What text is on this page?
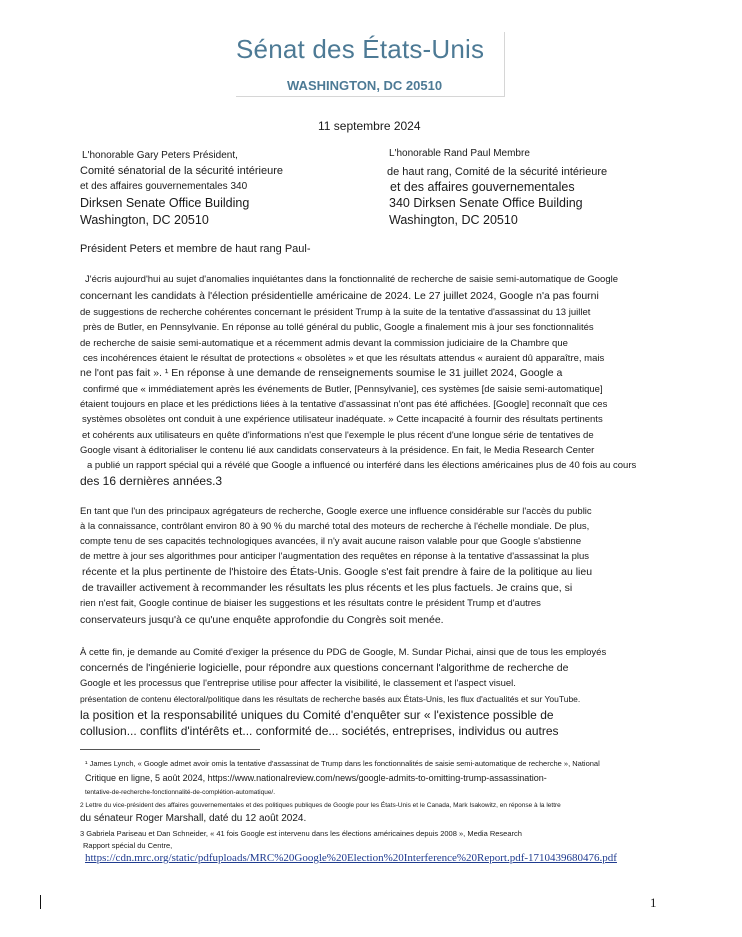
Sénat des États-Unis
WASHINGTON, DC 20510
11 septembre 2024
L'honorable Gary Peters Président,
Comité sénatorial de la sécurité intérieure
et des affaires gouvernementales 340
Dirksen Senate Office Building
Washington, DC 20510
L'honorable Rand Paul Membre
de haut rang, Comité de la sécurité intérieure
et des affaires gouvernementales
340 Dirksen Senate Office Building
Washington, DC 20510
Président Peters et membre de haut rang Paul-
J'écris aujourd'hui au sujet d'anomalies inquiétantes dans la fonctionnalité de recherche de saisie semi-automatique de Google
concernant les candidats à l'élection présidentielle américaine de 2024. Le 27 juillet 2024, Google n'a pas fourni
de suggestions de recherche cohérentes concernant le président Trump à la suite de la tentative d'assassinat du 13 juillet
près de Butler, en Pennsylvanie. En réponse au tollé général du public, Google a finalement mis à jour ses fonctionnalités
de recherche de saisie semi-automatique et a récemment admis devant la commission judiciaire de la Chambre que
ces incohérences étaient le résultat de protections « obsolètes » et que les résultats attendus « auraient dû apparaître, mais
ne l'ont pas fait ». ¹ En réponse à une demande de renseignements soumise le 31 juillet 2024, Google a
confirmé que « immédiatement après les événements de Butler, [Pennsylvanie], ces systèmes [de saisie semi-automatique]
étaient toujours en place et les prédictions liées à la tentative d'assassinat n'ont pas été affichées. [Google] reconnaît que ces
systèmes obsolètes ont conduit à une expérience utilisateur inadéquate. » Cette incapacité à fournir des résultats pertinents
et cohérents aux utilisateurs en quête d'informations n'est que l'exemple le plus récent d'une longue série de tentatives de
Google visant à éditorialiser le contenu lié aux candidats conservateurs à la présidence. En fait, le Media Research Center
a publié un rapport spécial qui a révélé que Google a influencé ou interféré dans les élections américaines plus de 40 fois au cours
des 16 dernières années.3
En tant que l'un des principaux agrégateurs de recherche, Google exerce une influence considérable sur l'accès du public
à la connaissance, contrôlant environ 80 à 90 % du marché total des moteurs de recherche à l'échelle mondiale. De plus,
compte tenu de ses capacités technologiques avancées, il n'y avait aucune raison valable pour que Google s'abstienne
de mettre à jour ses algorithmes pour anticiper l'augmentation des requêtes en réponse à la tentative d'assassinat la plus
récente et la plus pertinente de l'histoire des États-Unis. Google s'est fait prendre à faire de la politique au lieu
de travailler activement à recommander les résultats les plus récents et les plus factuels. Je crains que, si
rien n'est fait, Google continue de biaiser les suggestions et les résultats contre le président Trump et d'autres
conservateurs jusqu'à ce qu'une enquête approfondie du Congrès soit menée.
À cette fin, je demande au Comité d'exiger la présence du PDG de Google, M. Sundar Pichai, ainsi que de tous les employés
concernés de l'ingénierie logicielle, pour répondre aux questions concernant l'algorithme de recherche de
Google et les processus que l'entreprise utilise pour affecter la visibilité, le classement et l'aspect visuel.
présentation de contenu électoral/politique dans les résultats de recherche basés aux États-Unis, les flux d'actualités et sur YouTube.
la position et la responsabilité uniques du Comité d'enquêter sur « l'existence possible de
collusion... conflits d'intérêts et... conformité de... sociétés, entreprises, individus ou autres
¹ James Lynch, « Google admet avoir omis la tentative d'assassinat de Trump dans les fonctionnalités de saisie semi-automatique de recherche », National
Critique en ligne, 5 août 2024, https://www.nationalreview.com/news/google-admits-to-omitting-trump-assassination-
tentative-de-recherche-fonctionnalité-de-complétion-automatique/.
2 Lettre du vice-président des affaires gouvernementales et des politiques publiques de Google pour les États-Unis et le Canada, Mark Isakowitz, en réponse à la lettre
du sénateur Roger Marshall, daté du 12 août 2024.
3 Gabriela Pariseau et Dan Schneider, « 41 fois Google est intervenu dans les élections américaines depuis 2008 », Media Research
Rapport spécial du Centre,
https://cdn.mrc.org/static/pdfuploads/MRC%20Google%20Election%20Interference%20Report.pdf-1710439680476.pdf
1
